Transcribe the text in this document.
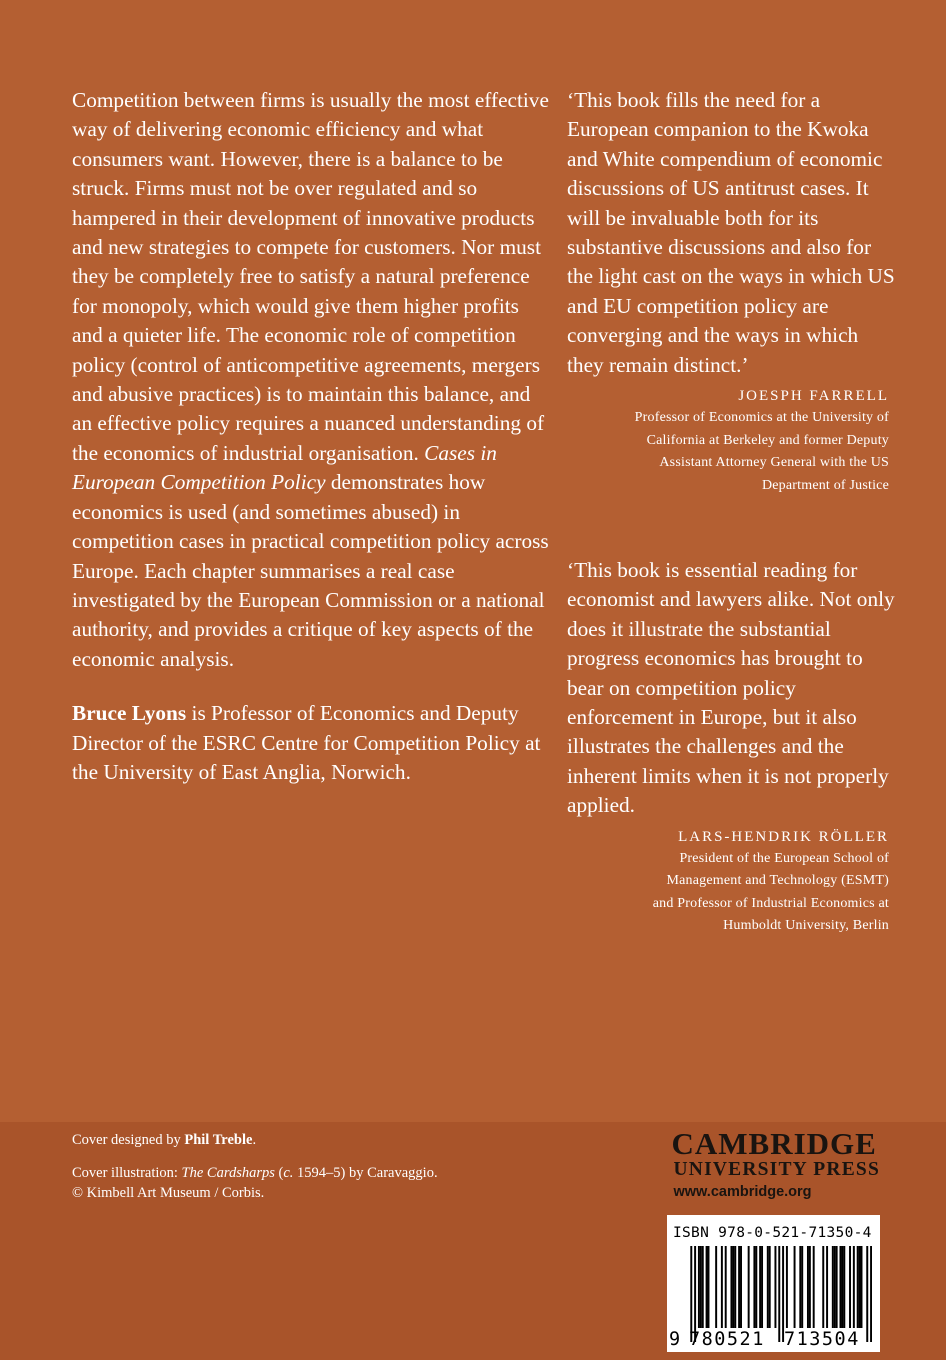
Competition between firms is usually the most effective way of delivering economic efficiency and what consumers want. However, there is a balance to be struck. Firms must not be over regulated and so hampered in their development of innovative products and new strategies to compete for customers. Nor must they be completely free to satisfy a natural preference for monopoly, which would give them higher profits and a quieter life. The economic role of competition policy (control of anticompetitive agreements, mergers and abusive practices) is to maintain this balance, and an effective policy requires a nuanced understanding of the economics of industrial organisation. Cases in European Competition Policy demonstrates how economics is used (and sometimes abused) in competition cases in practical competition policy across Europe. Each chapter summarises a real case investigated by the European Commission or a national authority, and provides a critique of key aspects of the economic analysis.

Bruce Lyons is Professor of Economics and Deputy Director of the ESRC Centre for Competition Policy at the University of East Anglia, Norwich.

‘This book fills the need for a European companion to the Kwoka and White compendium of economic discussions of US antitrust cases. It will be invaluable both for its substantive discussions and also for the light cast on the ways in which US and EU competition policy are converging and the ways in which they remain distinct.’

JOESPH FARRELL

Professor of Economics at the University of
California at Berkeley and former Deputy
Assistant Attorney General with the US
Department of Justice

‘This book is essential reading for economist and lawyers alike. Not only does it illustrate the substantial progress economics has brought to bear on competition policy enforcement in Europe, but it also illustrates the challenges and the inherent limits when it is not properly applied.

LARS-HENDRIK RÖLLER

President of the European School of
Management and Technology (ESMT)
and Professor of Industrial Economics at
Humboldt University, Berlin

Cover designed by Phil Treble.

Cover illustration: The Cardsharps (c. 1594–5) by Caravaggio.

© Kimbell Art Museum / Corbis.

CAMBRIDGE

UNIVERSITY PRESS

www.cambridge.org

ISBN 978-0-521-71350-4
9 780521 713504
